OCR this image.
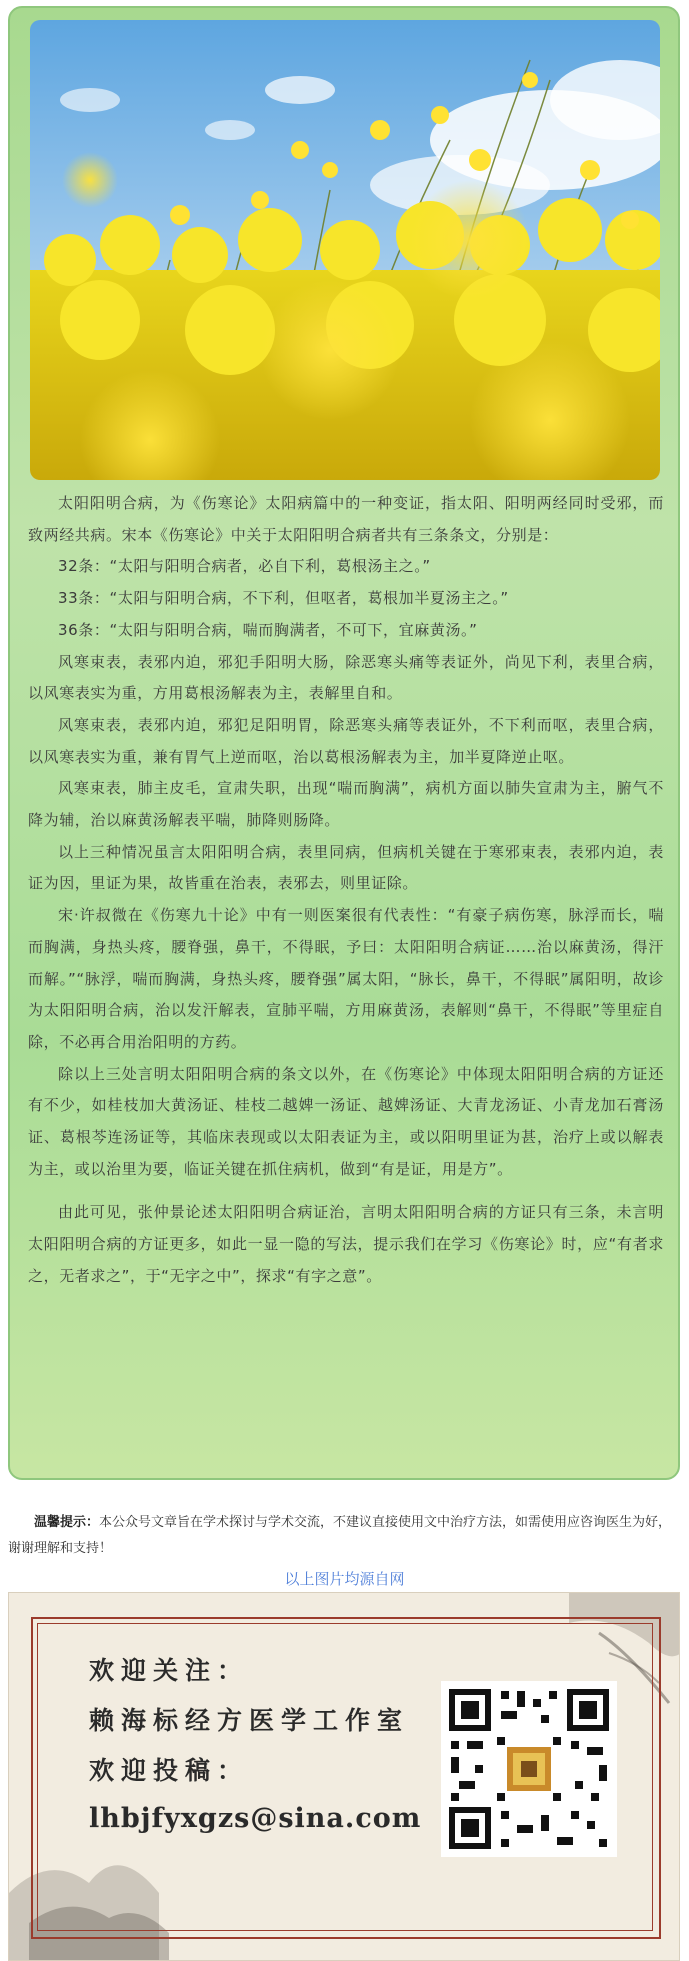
太阳阳明合病，为《伤寒论》太阳病篇中的一种变证，指太阳、阳明两经同时受邪，而致两经共病。宋本《伤寒论》中关于太阳阳明合病者共有三条条文，分别是：

32条：“太阳与阳明合病者，必自下利，葛根汤主之。”

33条：“太阳与阳明合病，不下利，但呕者，葛根加半夏汤主之。”

36条：“太阳与阳明合病，喘而胸满者，不可下，宜麻黄汤。”

风寒束表，表邪内迫，邪犯手阳明大肠，除恶寒头痛等表证外，尚见下利，表里合病，以风寒表实为重，方用葛根汤解表为主，表解里自和。

风寒束表，表邪内迫，邪犯足阳明胃，除恶寒头痛等表证外，不下利而呕，表里合病，以风寒表实为重，兼有胃气上逆而呕，治以葛根汤解表为主，加半夏降逆止呕。

风寒束表，肺主皮毛，宣肃失职，出现“喘而胸满”，病机方面以肺失宣肃为主，腑气不降为辅，治以麻黄汤解表平喘，肺降则肠降。

以上三种情况虽言太阳阳明合病，表里同病，但病机关键在于寒邪束表，表邪内迫，表证为因，里证为果，故皆重在治表，表邪去，则里证除。

宋·许叔微在《伤寒九十论》中有一则医案很有代表性：“有豪子病伤寒，脉浮而长，喘而胸满，身热头疼，腰脊强，鼻干，不得眠，予曰：太阳阳明合病证……治以麻黄汤，得汗而解。”“脉浮，喘而胸满，身热头疼，腰脊强”属太阳，“脉长，鼻干，不得眠”属阳明，故诊为太阳阳明合病，治以发汗解表，宣肺平喘，方用麻黄汤，表解则“鼻干，不得眠”等里症自除，不必再合用治阳明的方药。

除以上三处言明太阳阳明合病的条文以外，在《伤寒论》中体现太阳阳明合病的方证还有不少，如桂枝加大黄汤证、桂枝二越婢一汤证、越婢汤证、大青龙汤证、小青龙加石膏汤证、葛根芩连汤证等，其临床表现或以太阳表证为主，或以阳明里证为甚，治疗上或以解表为主，或以治里为要，临证关键在抓住病机，做到“有是证，用是方”。

由此可见，张仲景论述太阳阳明合病证治，言明太阳阳明合病的方证只有三条，未言明太阳阳明合病的方证更多，如此一显一隐的写法，提示我们在学习《伤寒论》时，应“有者求之，无者求之”，于“无字之中”，探求“有字之意”。

温馨提示：本公众号文章旨在学术探讨与学术交流，不建议直接使用文中治疗方法，如需使用应咨询医生为好，谢谢理解和支持！
以上图片均源自网
欢迎关注：
赖海标经方医学工作室
欢迎投稿：
lhbjfyxgzs@sina.com
